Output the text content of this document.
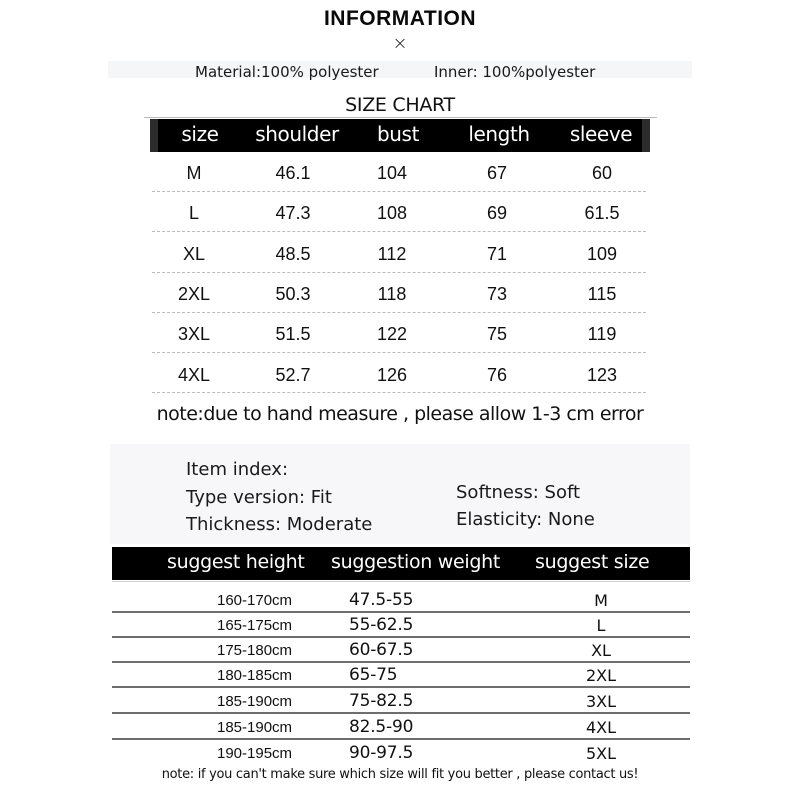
INFORMATION
×
Material:100% polyester	Inner: 100%polyester
SIZE CHART
size shoulder bust length sleeve
M	46.1	104	67	60
L	47.3	108	69	61.5
XL	48.5	112	71	109
2XL	50.3	118	73	115
3XL	51.5	122	75	119
4XL	52.7	126	76	123
note:due to hand measure , please allow 1-3 cm error
Item index:
Type version: Fit
Thickness: Moderate
Softness: Soft
Elasticity: None
suggest height suggestion weight suggest size
160-170cm	47.5-55	M
165-175cm	55-62.5	L
175-180cm	60-67.5	XL
180-185cm	65-75	2XL
185-190cm	75-82.5	3XL
185-190cm	82.5-90	4XL
190-195cm	90-97.5	5XL
note: if you can't make sure which size will fit you better , please contact us!
